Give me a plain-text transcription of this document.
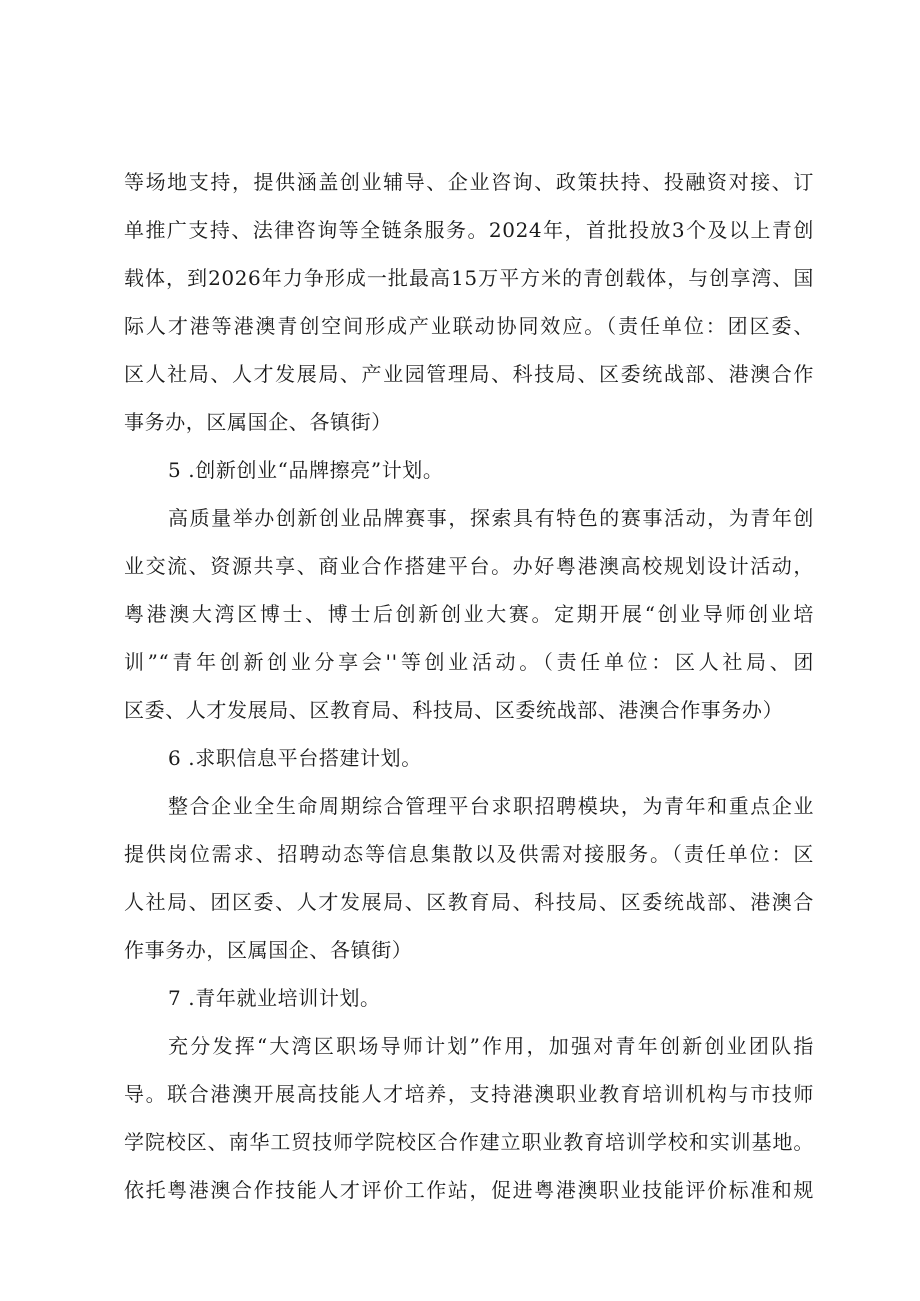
等场地支持，提供涵盖创业辅导、企业咨询、政策扶持、投融资对接、订
单推广支持、法律咨询等全链条服务。2024年，首批投放3个及以上青创
载体，到2026年力争形成一批最高15万平方米的青创载体，与创享湾、国
际人才港等港澳青创空间形成产业联动协同效应。（责任单位：团区委、
区人社局、人才发展局、产业园管理局、科技局、区委统战部、港澳合作
事务办，区属国企、各镇街）
5 .创新创业“品牌擦亮”计划。
高质量举办创新创业品牌赛事，探索具有特色的赛事活动，为青年创
业交流、资源共享、商业合作搭建平台。办好粤港澳高校规划设计活动，
粤港澳大湾区博士、博士后创新创业大赛。定期开展“创业导师创业培
训”“青年创新创业分享会''等创业活动。（责任单位：区人社局、团
区委、人才发展局、区教育局、科技局、区委统战部、港澳合作事务办）
6 .求职信息平台搭建计划。
整合企业全生命周期综合管理平台求职招聘模块，为青年和重点企业
提供岗位需求、招聘动态等信息集散以及供需对接服务。（责任单位：区
人社局、团区委、人才发展局、区教育局、科技局、区委统战部、港澳合
作事务办，区属国企、各镇街）
7 .青年就业培训计划。
充分发挥“大湾区职场导师计划”作用，加强对青年创新创业团队指
导。联合港澳开展高技能人才培养，支持港澳职业教育培训机构与市技师
学院校区、南华工贸技师学院校区合作建立职业教育培训学校和实训基地。
依托粤港澳合作技能人才评价工作站，促进粤港澳职业技能评价标准和规
